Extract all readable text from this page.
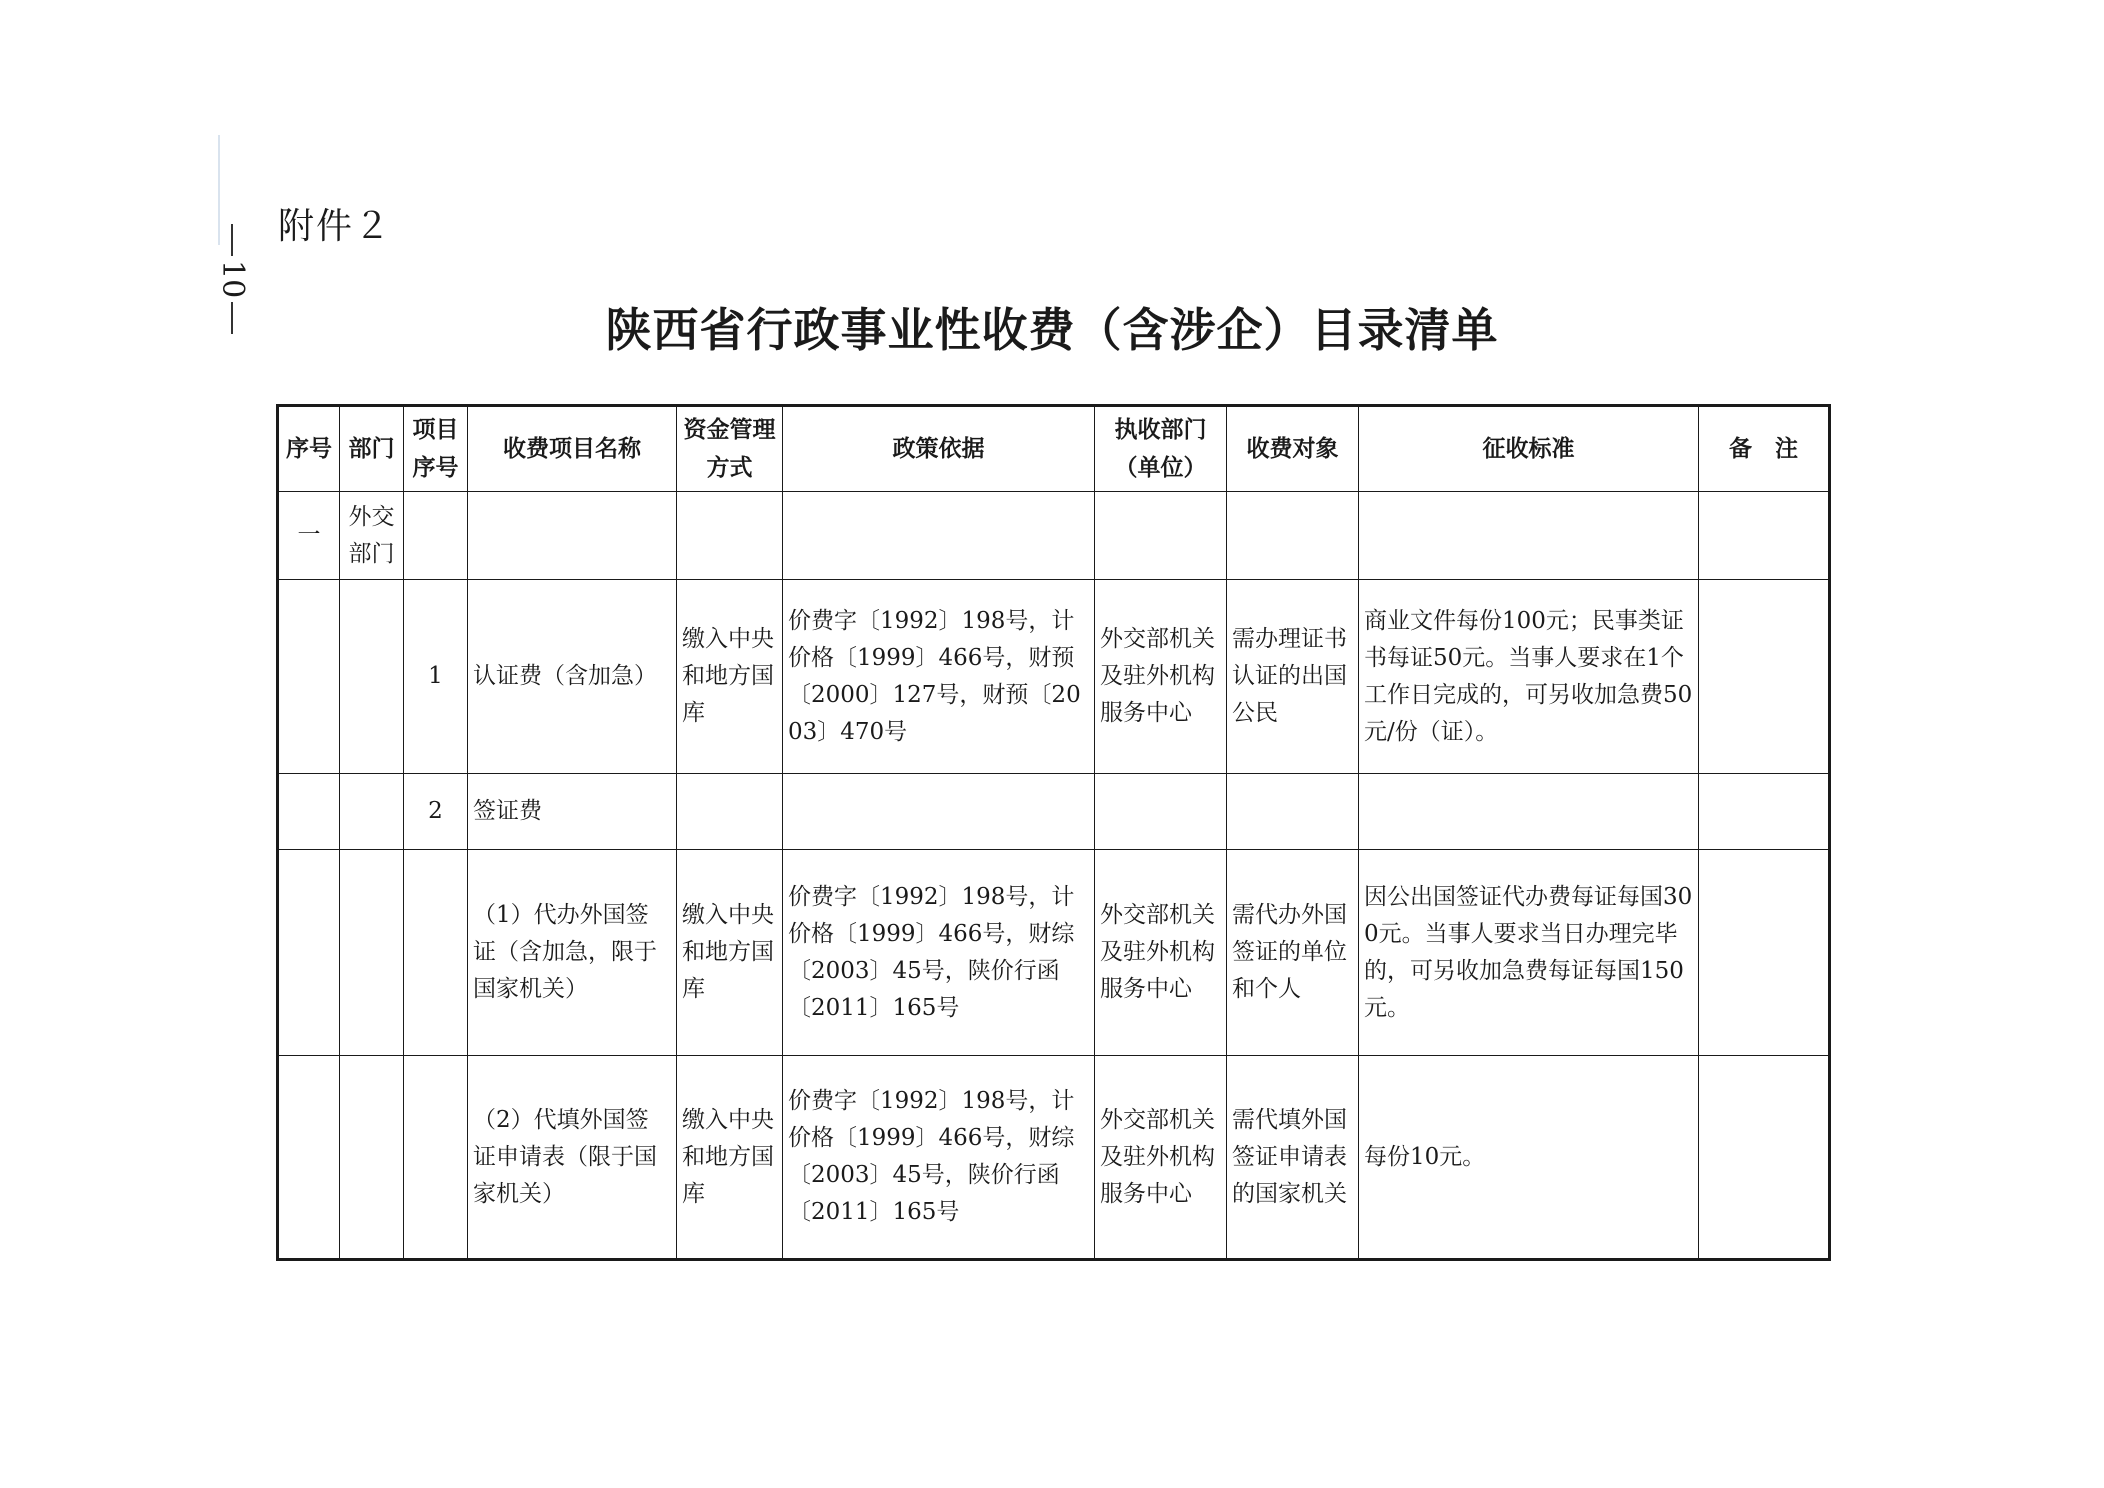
10
附件２
陕西省行政事业性收费（含涉企）目录清单
序号	部门	项目序号	收费项目名称	资金管理方式	政策依据	执收部门（单位）	收费对象	征收标准	备　注
一	外交部门								
		1	认证费（含加急）	缴入中央和地方国库	价费字〔1992〕198号，计价格〔1999〕466号，财预〔2000〕127号，财预〔2003〕470号	外交部机关及驻外机构服务中心	需办理证书认证的出国公民	商业文件每份100元；民事类证书每证50元。当事人要求在1个工作日完成的，可另收加急费50元/份（证）。	
		2	签证费						
			（1）代办外国签证（含加急，限于国家机关）	缴入中央和地方国库	价费字〔1992〕198号，计价格〔1999〕466号，财综〔2003〕45号，陕价行函〔2011〕165号	外交部机关及驻外机构服务中心	需代办外国签证的单位和个人	因公出国签证代办费每证每国300元。当事人要求当日办理完毕的，可另收加急费每证每国150元。	
			（2）代填外国签证申请表（限于国家机关）	缴入中央和地方国库	价费字〔1992〕198号，计价格〔1999〕466号，财综〔2003〕45号，陕价行函〔2011〕165号	外交部机关及驻外机构服务中心	需代填外国签证申请表的国家机关	每份10元。	
